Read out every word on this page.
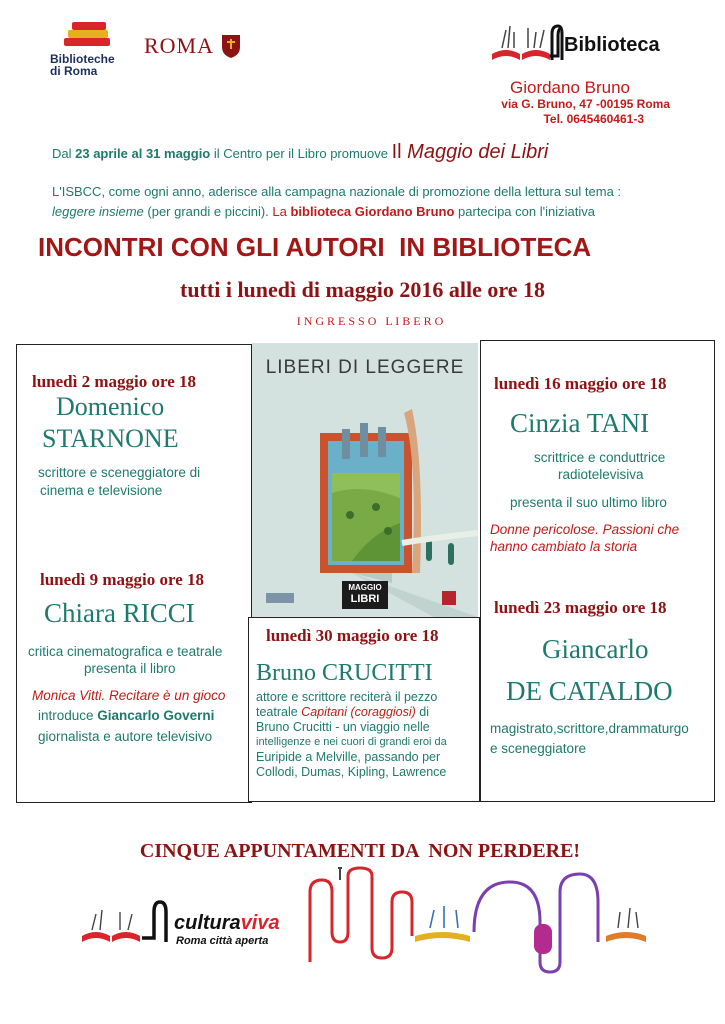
Biblioteche di Roma
ROMA	Biblioteca
Giordano Bruno
via G. Bruno, 47 -00195 Roma
Tel. 0645460461-3
Dal 23 aprile al 31 maggio il Centro per il Libro promuove Il Maggio dei Libri
L'ISBCC, come ogni anno, aderisce alla campagna nazionale di promozione della lettura sul tema :
leggere insieme (per grandi e piccini). La biblioteca Giordano Bruno partecipa con l'iniziativa
INCONTRI CON GLI AUTORI  IN BIBLIOTECA
tutti i lunedì di maggio 2016 alle ore 18
I N G R E S S O   L I B E R O
LIBERI DI LEGGERE
MAGGIO
LIBRI
lunedì 2 maggio ore 18
Domenico
STARNONE
scrittore e sceneggiatore di
cinema e televisione
lunedì 9 maggio ore 18
Chiara RICCI
critica cinematografica e teatrale
presenta il libro
Monica Vitti. Recitare è un gioco
introduce Giancarlo Governi
giornalista e autore televisivo
lunedì 30 maggio ore 18
Bruno CRUCITTI
attore e scrittore reciterà il pezzo
teatrale Capitani (coraggiosi) di
Bruno Crucitti - un viaggio nelle
intelligenze e nei cuori di grandi eroi da
Euripide a Melville, passando per
Collodi, Dumas, Kipling, Lawrence
lunedì 16 maggio ore 18
Cinzia TANI
scrittrice e conduttrice
radiotelevisiva
presenta il suo ultimo libro
Donne pericolose. Passioni che
hanno cambiato la storia
lunedì 23 maggio ore 18
Giancarlo
DE CATALDO
magistrato,scrittore,drammaturgo
e sceneggiatore
CINQUE APPUNTAMENTI DA  NON PERDERE!
culturaviva
Roma città aperta
